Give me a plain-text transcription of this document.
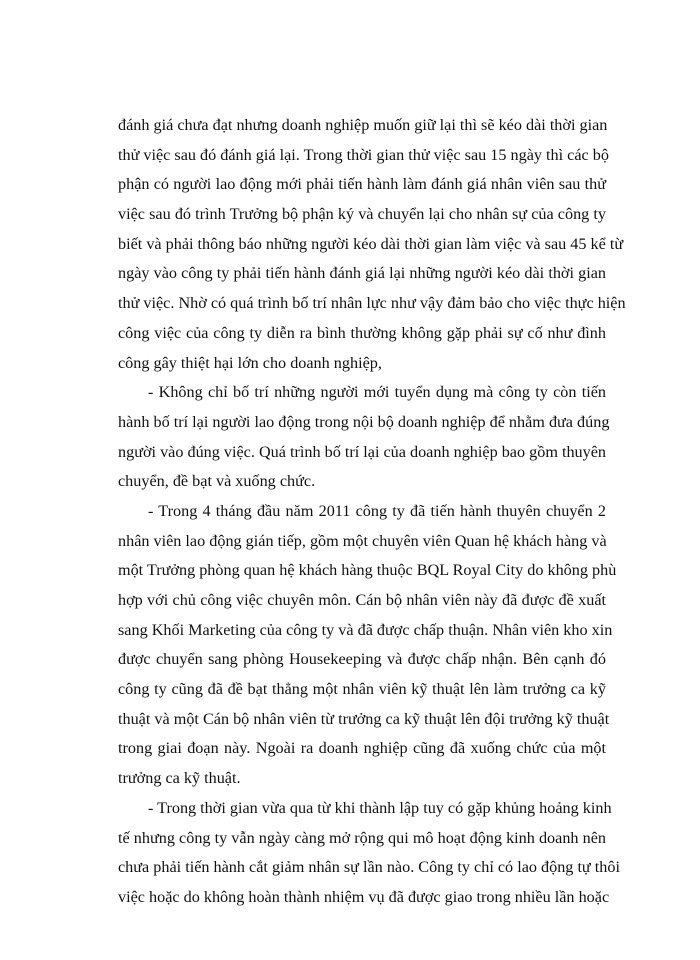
đánh giá chưa đạt nhưng doanh nghiệp muốn giữ lại thì sẽ kéo dài thời gian
thử việc sau đó đánh giá lại. Trong thời gian thử việc sau 15 ngày thì các bộ
phận có người lao động mới phải tiến hành làm đánh giá nhân viên sau thử
việc sau đó trình Trưởng bộ phận ký và chuyển lại cho nhân sự của công ty
biết và phải thông báo những người kéo dài thời gian làm việc và sau 45 kể từ
ngày vào công ty phải tiến hành đánh giá lại những người kéo dài thời gian
thử việc. Nhờ có quá trình bố trí nhân lực như vậy đảm bảo cho việc thực hiện
công việc của công ty diễn ra bình thường không gặp phải sự cố như đình
công gây thiệt hại lớn cho doanh nghiệp,
- Không chỉ bố trí những người mới tuyển dụng mà công ty còn tiến
hành bố trí lại người lao động trong nội bộ doanh nghiệp để nhằm đưa đúng
người vào đúng việc. Quá trình bố trí lại của doanh nghiệp bao gồm thuyên
chuyển, đề bạt và xuống chức.
- Trong 4 tháng đầu năm 2011 công ty đã tiến hành thuyên chuyển 2
nhân viên lao động gián tiếp, gồm một chuyên viên Quan hệ khách hàng và
một Trưởng phòng quan hệ khách hàng thuộc BQL Royal City do không phù
hợp với chủ công việc chuyên môn. Cán bộ nhân viên này đã được đề xuất
sang Khối Marketing của công ty và đã được chấp thuận. Nhân viên kho xin
được chuyển sang phòng Housekeeping và được chấp nhận. Bên cạnh đó
công ty cũng đã đề bạt thẳng một nhân viên kỹ thuật lên làm trưởng ca kỹ
thuật và một Cán bộ nhân viên từ trưởng ca kỹ thuật lên đội trưởng kỹ thuật
trong giai đoạn này. Ngoài ra doanh nghiệp cũng đã xuống chức của một
trưởng ca kỹ thuật.
- Trong thời gian vừa qua từ khi thành lập tuy có gặp khủng hoảng kinh
tế nhưng công ty vẫn ngày càng mở rộng qui mô hoạt động kinh doanh nên
chưa phải tiến hành cắt giảm nhân sự lần nào. Công ty chỉ có lao động tự thôi
việc hoặc do không hoàn thành nhiệm vụ đã được giao trong nhiều lần hoặc
